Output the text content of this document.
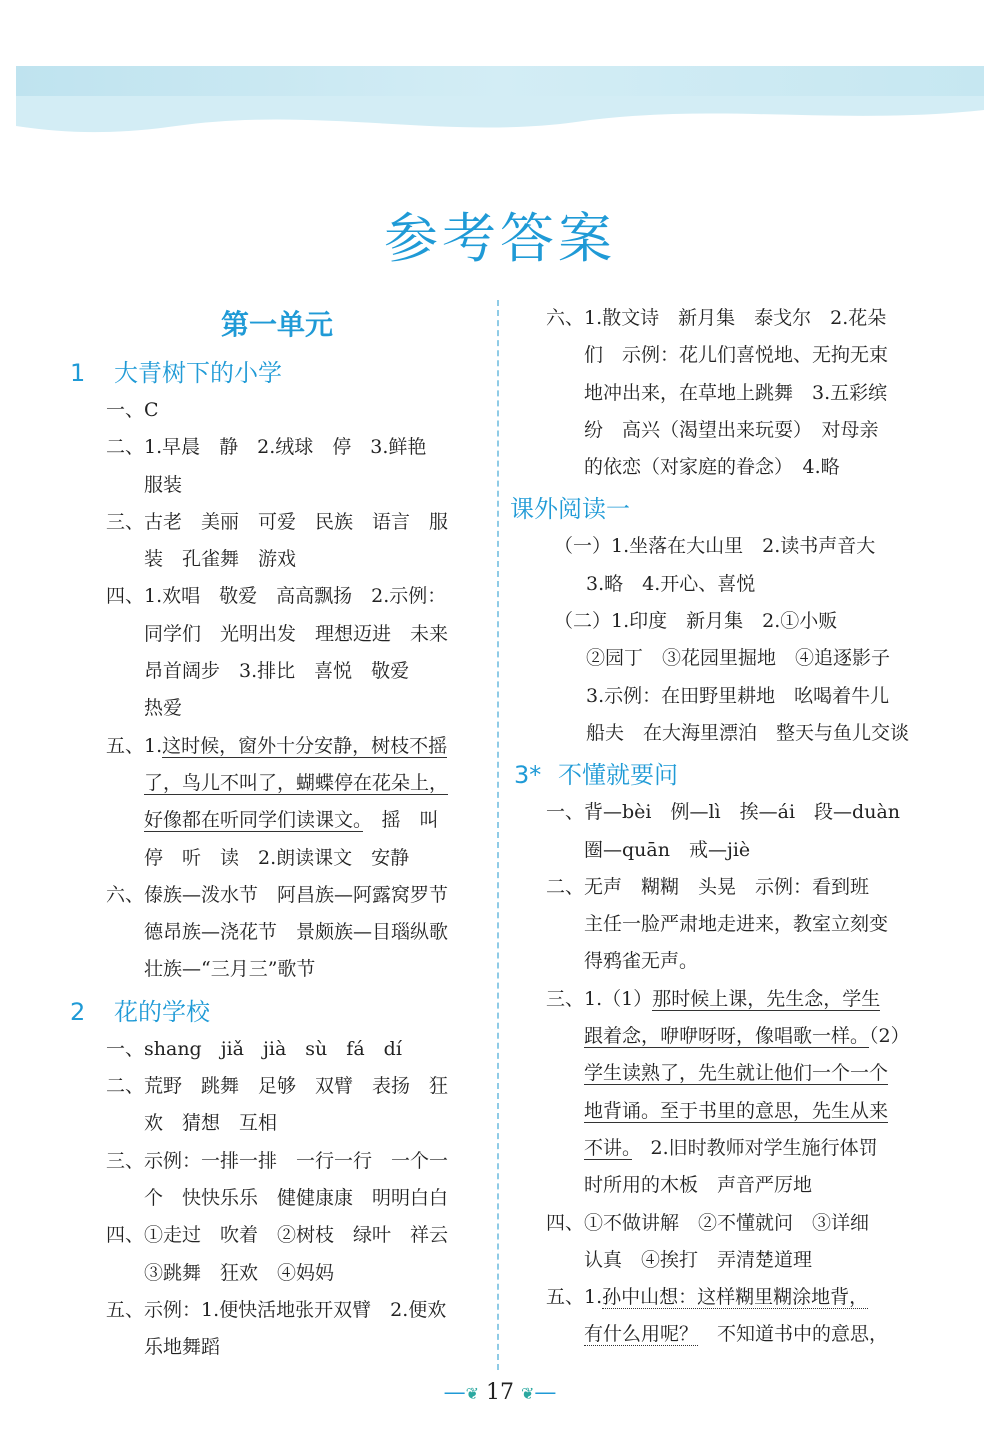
参考答案
第一单元
1 大青树下的小学
一、C
二、1.早晨　静　2.绒球　停　3.鲜艳
服装
三、古老　美丽　可爱　民族　语言　服
装　孔雀舞　游戏
四、1.欢唱　敬爱　高高飘扬　2.示例：
同学们　光明出发　理想迈进　未来
昂首阔步　3.排比　喜悦　敬爱
热爱
五、1.这时候，窗外十分安静，树枝不摇
了，鸟儿不叫了，蝴蝶停在花朵上，
好像都在听同学们读课文。　摇　叫
停　听　读　2.朗读课文　安静
六、傣族—泼水节　阿昌族—阿露窝罗节
德昂族—浇花节　景颇族—目瑙纵歌
壮族—“三月三”歌节
2 花的学校
一、shang　jiǎ　jià　sù　fá　dí
二、荒野　跳舞　足够　双臂　表扬　狂
欢　猜想　互相
三、示例：一排一排　一行一行　一个一
个　快快乐乐　健健康康　明明白白
四、①走过　吹着　②树枝　绿叶　祥云
③跳舞　狂欢　④妈妈
五、示例：1.便快活地张开双臂　2.便欢
乐地舞蹈
六、1.散文诗　新月集　泰戈尔　2.花朵
们　示例：花儿们喜悦地、无拘无束
地冲出来，在草地上跳舞　3.五彩缤
纷　高兴（渴望出来玩耍）　对母亲
的依恋（对家庭的眷念）　4.略
课外阅读一
（一）1.坐落在大山里　2.读书声音大
3.略　4.开心、喜悦
（二）1.印度　新月集　2.①小贩
②园丁　③花园里掘地　④追逐影子
3.示例：在田野里耕地　吆喝着牛儿
船夫　在大海里漂泊　整天与鱼儿交谈
3* 不懂就要问
一、背—bèi　例—lì　挨—ái　段—duàn
圈—quān　戒—jiè
二、无声　糊糊　头晃　示例：看到班
主任一脸严肃地走进来，教室立刻变
得鸦雀无声。
三、1.（1）那时候上课，先生念，学生
跟着念，咿咿呀呀，像唱歌一样。（2）
学生读熟了，先生就让他们一个一个
地背诵。至于书里的意思，先生从来
不讲。　2.旧时教师对学生施行体罚
时所用的木板　声音严厉地
四、①不做讲解　②不懂就问　③详细
认真　④挨打　弄清楚道理
五、1.孙中山想：这样糊里糊涂地背，
有什么用呢？　不知道书中的意思，
—❦ 17 ❦—
